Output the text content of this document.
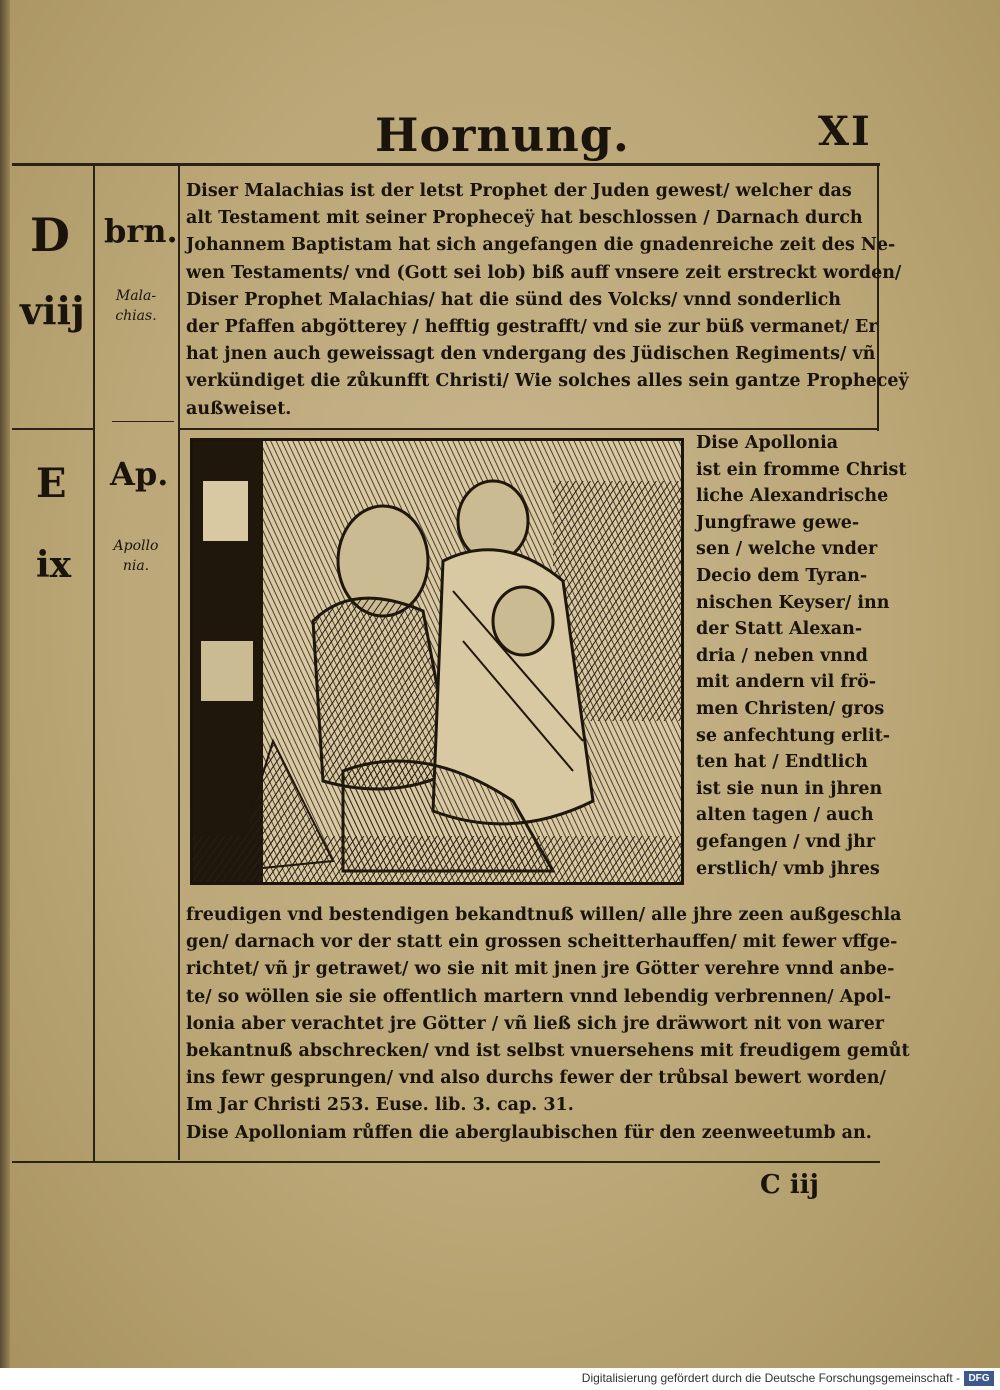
Hornung.	XI
D
viij
brn.
Mala-
chias.
E
ix
Ap.
Apollo
nia.
Diser Malachias ist der letst Prophet der Juden gewest/ welcher das
alt Testament mit seiner Propheceÿ hat beschlossen / Darnach durch
Johannem Baptistam hat sich angefangen die gnadenreiche zeit des Ne-
wen Testaments/ vnd (Gott sei lob) biß auff vnsere zeit erstreckt worden/
Diser Prophet Malachias/ hat die sünd des Volcks/ vnnd sonderlich
der Pfaffen abgötterey / hefftig gestrafft/ vnd sie zur büß vermanet/ Er
hat jnen auch geweissagt den vndergang des Jüdischen Regiments/ vñ
verkündiget die zůkunfft Christi/ Wie solches alles sein gantze Propheceÿ
außweiset.
Dise Apollonia
ist ein fromme Christ
liche Alexandrische
Jungfrawe gewe-
sen / welche vnder
Decio dem Tyran-
nischen Keyser/ inn
der Statt Alexan-
dria / neben vnnd
mit andern vil frö-
men Christen/ gros
se anfechtung erlit-
ten hat / Endtlich
ist sie nun in jhren
alten tagen / auch
gefangen / vnd jhr
erstlich/ vmb jhres
freudigen vnd bestendigen bekandtnuß willen/ alle jhre zeen außgeschla
gen/ darnach vor der statt ein grossen scheitterhauffen/ mit fewer vffge-
richtet/ vñ jr getrawet/ wo sie nit mit jnen jre Götter verehre vnnd anbe-
te/ so wöllen sie sie offentlich martern vnnd lebendig verbrennen/ Apol-
lonia aber verachtet jre Götter / vñ ließ sich jre dräwwort nit von warer
bekantnuß abschrecken/ vnd ist selbst vnuersehens mit freudigem gemůt
ins fewr gesprungen/ vnd also durchs fewer der trůbsal bewert worden/
Im Jar Christi 253. Euse. lib. 3. cap. 31.
Dise Apolloniam růffen die aberglaubischen für den zeenweetumb an.
C iij
Digitalisierung gefördert durch die Deutsche Forschungsgemeinschaft - DFG
